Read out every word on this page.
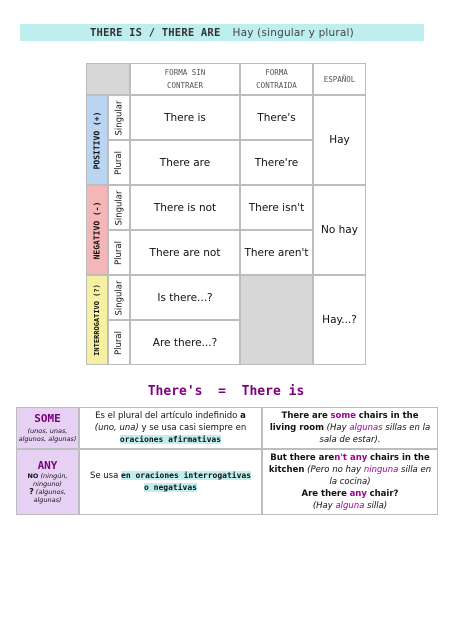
THERE IS / THERE ARE Hay (singular y plural)
FORMA SIN
CONTRAER
FORMA
CONTRAIDA
ESPAÑOL
POSITIVO (+)
NEGATIVO (-)
INTERROGATIVO (?)
Singular
Plural
Singular
Plural
Singular
Plural
There is
There are
There is not
There are not
Is there...?
Are there...?
There's
There're
There isn't
There aren't
Hay
No hay
Hay...?
There's = There is
SOME
(unos, unas, algunos, algunas)
Es el plural del artículo indefinido a (uno, una) y se usa casi siempre en oraciones afirmativas
There are some chairs in the living room (Hay algunas sillas en la sala de estar).
ANY
NO (ningún, ninguno)
? (algunos, algunas)
Se usa en oraciones interrogativas o negativas
But there aren't any chairs in the kitchen (Pero no hay ninguna silla en la cocina)
Are there any chair?
(Hay alguna silla)
